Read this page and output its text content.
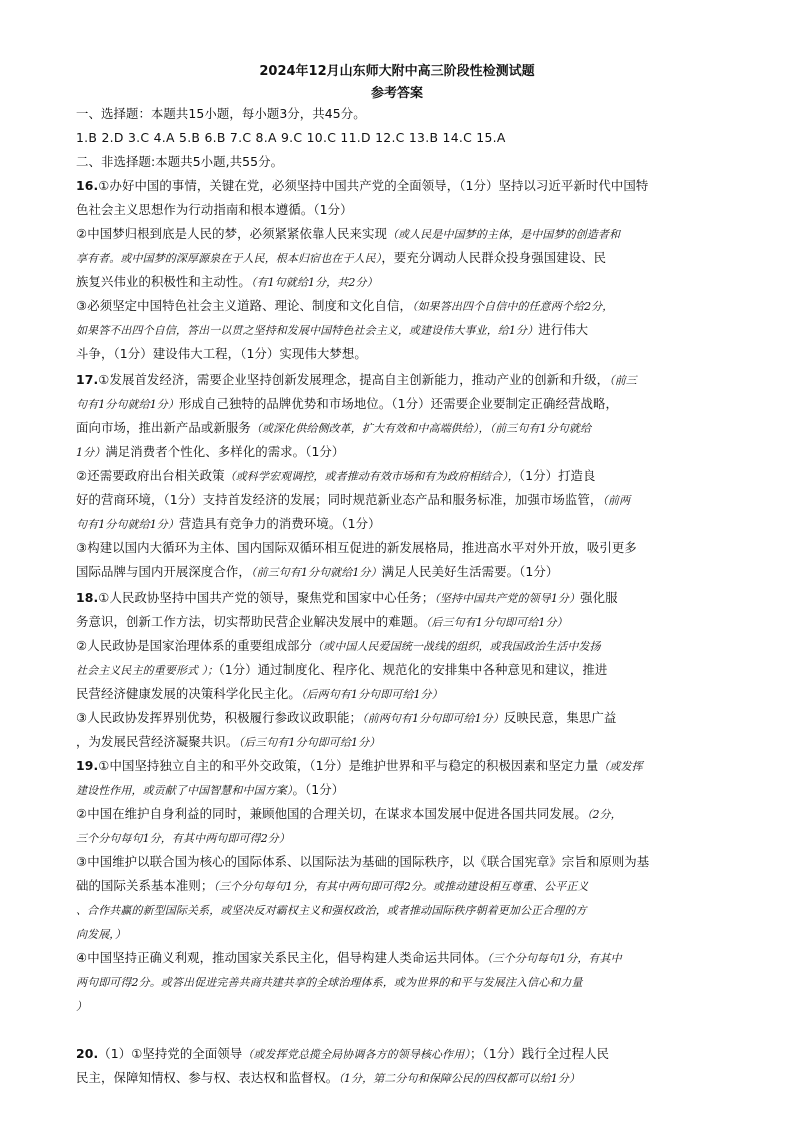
2024年12月山东师大附中高三阶段性检测试题
参考答案
一、选择题：本题共15小题，每小题3分，共45分。
1.B 2.D 3.C 4.A 5.B 6.B 7.C 8.A 9.C 10.C 11.D 12.C 13.B 14.C 15.A
二、非选择题:本题共5小题,共55分。
16.①办好中国的事情，关键在党，必须坚持中国共产党的全面领导，（1分）坚持以习近平新时代中国特
色社会主义思想作为行动指南和根本遵循。（1分）
②中国梦归根到底是人民的梦，必须紧紧依靠人民来实现（或人民是中国梦的主体，是中国梦的创造者和
享有者。或中国梦的深厚源泉在于人民，根本归宿也在于人民），要充分调动人民群众投身强国建设、民
族复兴伟业的积极性和主动性。（有1句就给1分，共2分）
③必须坚定中国特色社会主义道路、理论、制度和文化自信，（如果答出四个自信中的任意两个给2分，
如果答不出四个自信，答出一以贯之坚持和发展中国特色社会主义，或建设伟大事业，给1分）进行伟大
斗争，（1分）建设伟大工程，（1分）实现伟大梦想。
17.①发展首发经济，需要企业坚持创新发展理念，提高自主创新能力，推动产业的创新和升级，（前三
句有1分句就给1分）形成自己独特的品牌优势和市场地位。（1分）还需要企业要制定正确经营战略，
面向市场，推出新产品或新服务（或深化供给侧改革，扩大有效和中高端供给），（前三句有1分句就给
1分）满足消费者个性化、多样化的需求。（1分）
②还需要政府出台相关政策（或科学宏观调控，或者推动有效市场和有为政府相结合），（1分）打造良
好的营商环境，（1分）支持首发经济的发展；同时规范新业态产品和服务标准，加强市场监管，（前两
句有1分句就给1分）营造具有竞争力的消费环境。（1分）
③构建以国内大循环为主体、国内国际双循环相互促进的新发展格局，推进高水平对外开放，吸引更多
国际品牌与国内开展深度合作，（前三句有1分句就给1分）满足人民美好生活需要。（1分）
18.①人民政协坚持中国共产党的领导，聚焦党和国家中心任务；（坚持中国共产党的领导1分）强化服
务意识，创新工作方法，切实帮助民营企业解决发展中的难题。（后三句有1分句即可给1分）
②人民政协是国家治理体系的重要组成部分（或中国人民爱国统一战线的组织，或我国政治生活中发扬
社会主义民主的重要形式 ）；（1分）通过制度化、程序化、规范化的安排集中各种意见和建议，推进
民营经济健康发展的决策科学化民主化。（后两句有1分句即可给1分）
③人民政协发挥界别优势，积极履行参政议政职能；（前两句有1分句即可给1分）反映民意，集思广益
，为发展民营经济凝聚共识。（后三句有1分句即可给1分）
19.①中国坚持独立自主的和平外交政策，（1分）是维护世界和平与稳定的积极因素和坚定力量（或发挥
建设性作用，或贡献了中国智慧和中国方案）。（1分）
②中国在维护自身利益的同时，兼顾他国的合理关切，在谋求本国发展中促进各国共同发展。（2分，
三个分句每句1分，有其中两句即可得2分）
③中国维护以联合国为核心的国际体系、以国际法为基础的国际秩序，以《联合国宪章》宗旨和原则为基
础的国际关系基本准则；（三个分句每句1分，有其中两句即可得2分。或推动建设相互尊重、公平正义
、合作共赢的新型国际关系，或坚决反对霸权主义和强权政治，或者推动国际秩序朝着更加公正合理的方
向发展，）
④中国坚持正确义利观，推动国家关系民主化，倡导构建人类命运共同体。（三个分句每句1分，有其中
两句即可得2分。或答出促进完善共商共建共享的全球治理体系，或为世界的和平与发展注入信心和力量
）
20.（1）①坚持党的全面领导（或发挥党总揽全局协调各方的领导核心作用）；（1分）践行全过程人民
民主，保障知情权、参与权、表达权和监督权。（1分，第二分句和保障公民的四权都可以给1分）
